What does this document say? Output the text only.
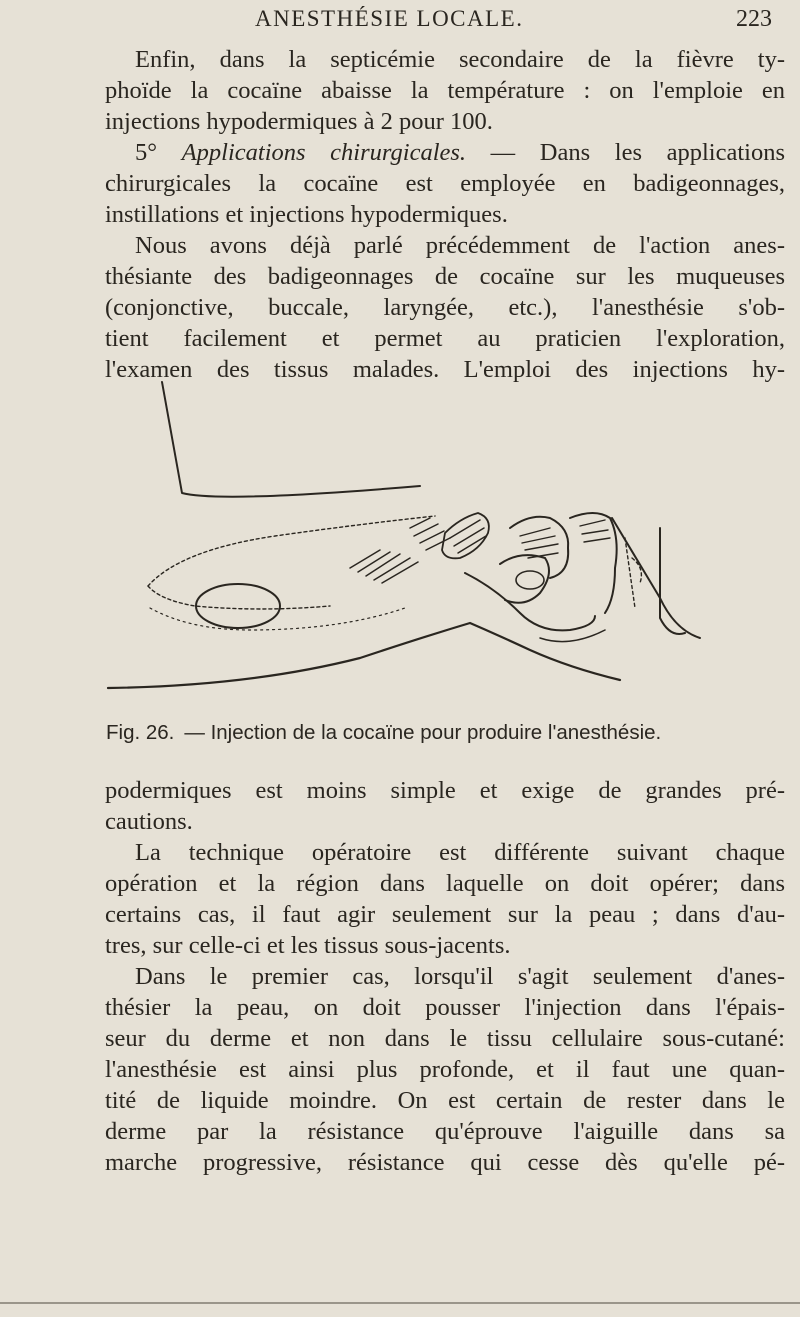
ANESTHÉSIE LOCALE.	223
Enfin, dans la septicémie secondaire de la fièvre ty-
phoïde la cocaïne abaisse la température : on l'emploie en
injections hypodermiques à 2 pour 100.
5° Applications chirurgicales. — Dans les applications
chirurgicales la cocaïne est employée en badigeonnages,
instillations et injections hypodermiques.
Nous avons déjà parlé précédemment de l'action anes-
thésiante des badigeonnages de cocaïne sur les muqueuses
(conjonctive, buccale, laryngée, etc.), l'anesthésie s'ob-
tient facilement et permet au praticien l'exploration,
l'examen des tissus malades. L'emploi des injections hy-
Fig. 26. — Injection de la cocaïne pour produire l'anesthésie.
podermiques est moins simple et exige de grandes pré-
cautions.
La technique opératoire est différente suivant chaque
opération et la région dans laquelle on doit opérer; dans
certains cas, il faut agir seulement sur la peau ; dans d'au-
tres, sur celle-ci et les tissus sous-jacents.
Dans le premier cas, lorsqu'il s'agit seulement d'anes-
thésier la peau, on doit pousser l'injection dans l'épais-
seur du derme et non dans le tissu cellulaire sous-cutané:
l'anesthésie est ainsi plus profonde, et il faut une quan-
tité de liquide moindre. On est certain de rester dans le
derme par la résistance qu'éprouve l'aiguille dans sa
marche progressive, résistance qui cesse dès qu'elle pé-
